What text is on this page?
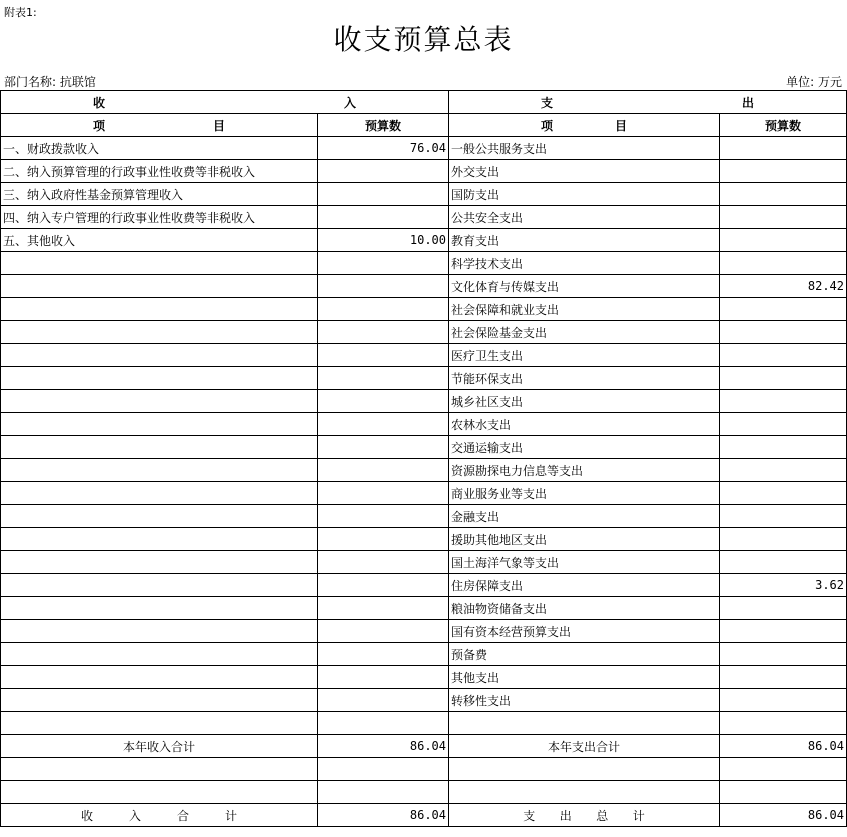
附表1:
收支预算总表
部门名称: 抗联馆	单位: 万元
收 入		支 出	

项 目	预算数	项 目	预算数
一、财政拨款收入	76.04	一般公共服务支出	
二、纳入预算管理的行政事业性收费等非税收入		外交支出	
三、纳入政府性基金预算管理收入		国防支出	
四、纳入专户管理的行政事业性收费等非税收入		公共安全支出	
五、其他收入	10.00	教育支出	
		科学技术支出	
		文化体育与传媒支出	82.42
		社会保障和就业支出	
		社会保险基金支出	
		医疗卫生支出	
		节能环保支出	
		城乡社区支出	
		农林水支出	
		交通运输支出	
		资源勘探电力信息等支出	
		商业服务业等支出	
		金融支出	
		援助其他地区支出	
		国土海洋气象等支出	
		住房保障支出	3.62
		粮油物资储备支出	
		国有资本经营预算支出	
		预备费	
		其他支出	
		转移性支出	

本年收入合计	86.04	本年支出合计	86.04

收 入 合 计	86.04	支 出 总 计	86.04
